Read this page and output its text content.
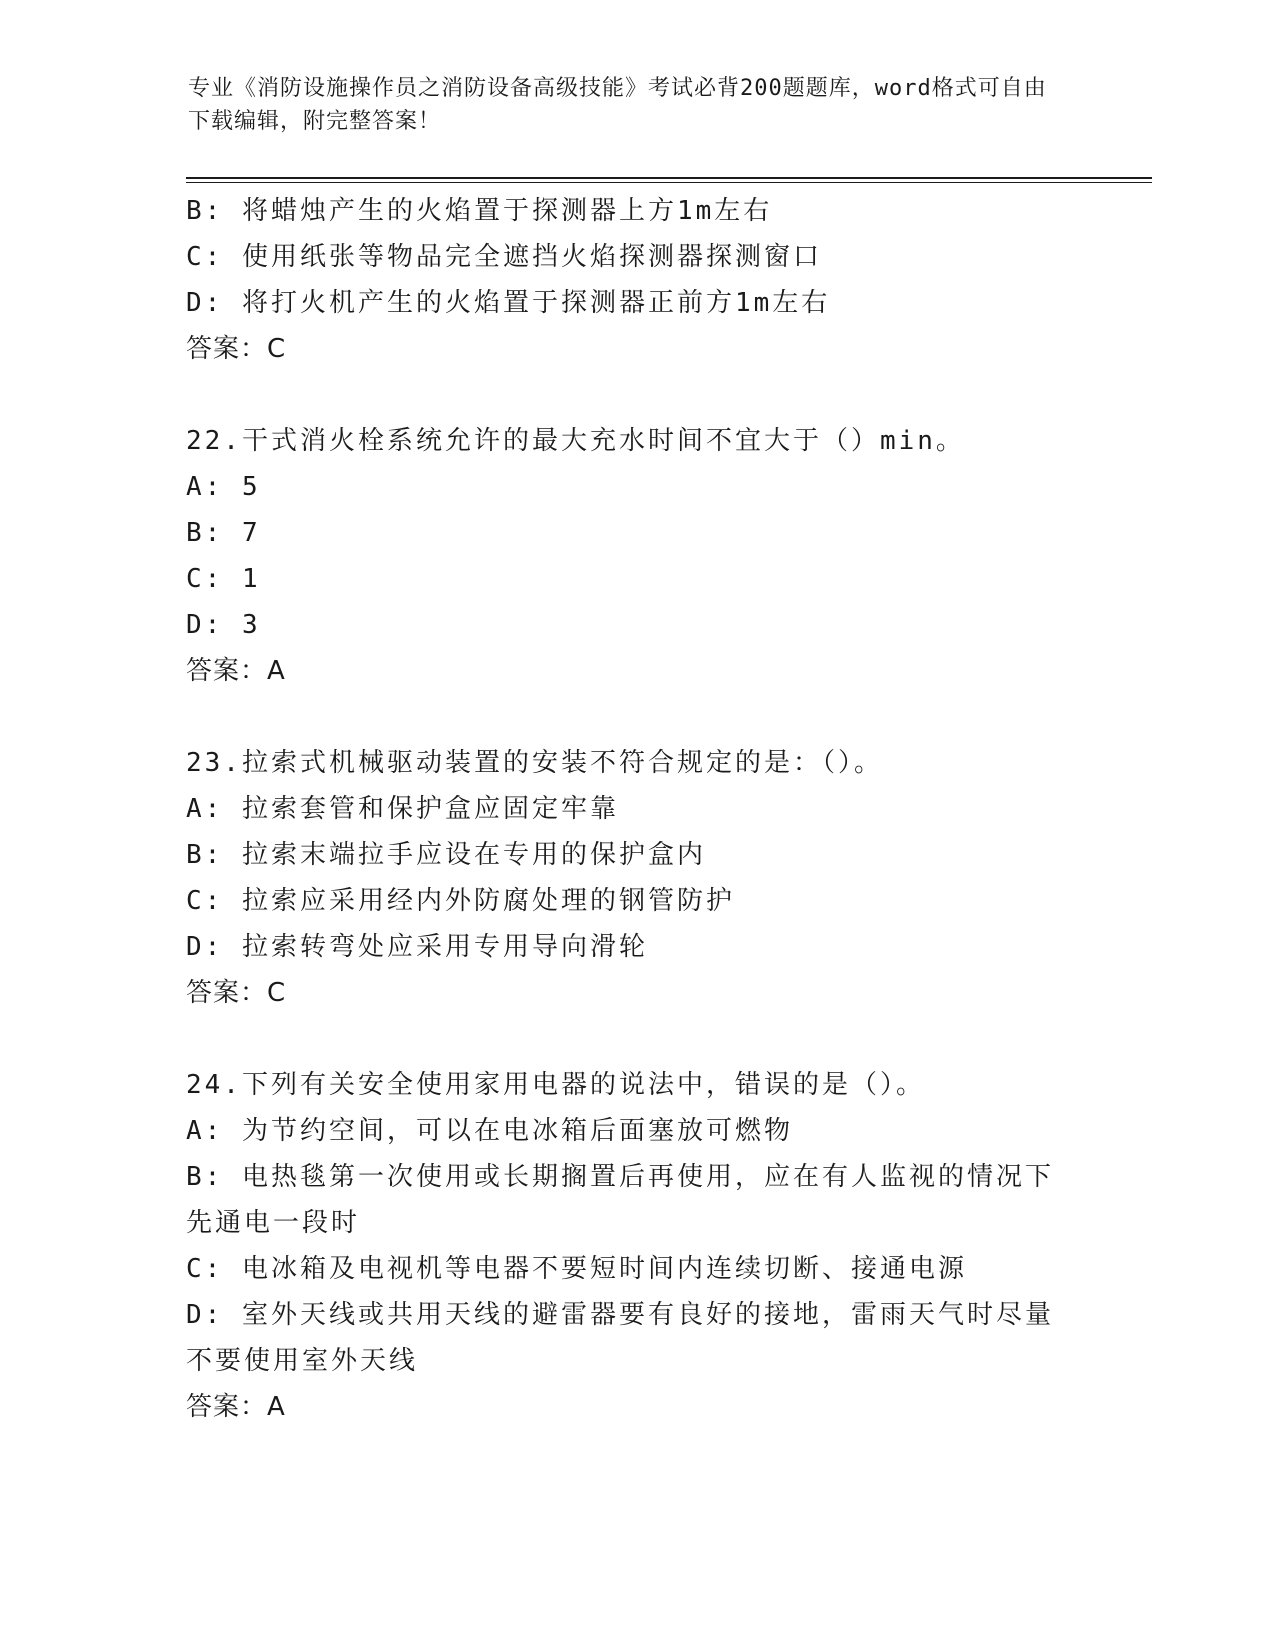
专业《消防设施操作员之消防设备高级技能》考试必背200题题库，word格式可自由下载编辑，附完整答案！
B: 将蜡烛产生的火焰置于探测器上方1m左右
C: 使用纸张等物品完全遮挡火焰探测器探测窗口
D: 将打火机产生的火焰置于探测器正前方1m左右
答案：C
22.干式消火栓系统允许的最大充水时间不宜大于（）min。
A: 5
B: 7
C: 1
D: 3
答案：A
23.拉索式机械驱动装置的安装不符合规定的是：（）。
A: 拉索套管和保护盒应固定牢靠
B: 拉索末端拉手应设在专用的保护盒内
C: 拉索应采用经内外防腐处理的钢管防护
D: 拉索转弯处应采用专用导向滑轮
答案：C
24.下列有关安全使用家用电器的说法中，错误的是（）。
A: 为节约空间，可以在电冰箱后面塞放可燃物
B: 电热毯第一次使用或长期搁置后再使用，应在有人监视的情况下先通电一段时
C: 电冰箱及电视机等电器不要短时间内连续切断、接通电源
D: 室外天线或共用天线的避雷器要有良好的接地，雷雨天气时尽量不要使用室外天线
答案：A
